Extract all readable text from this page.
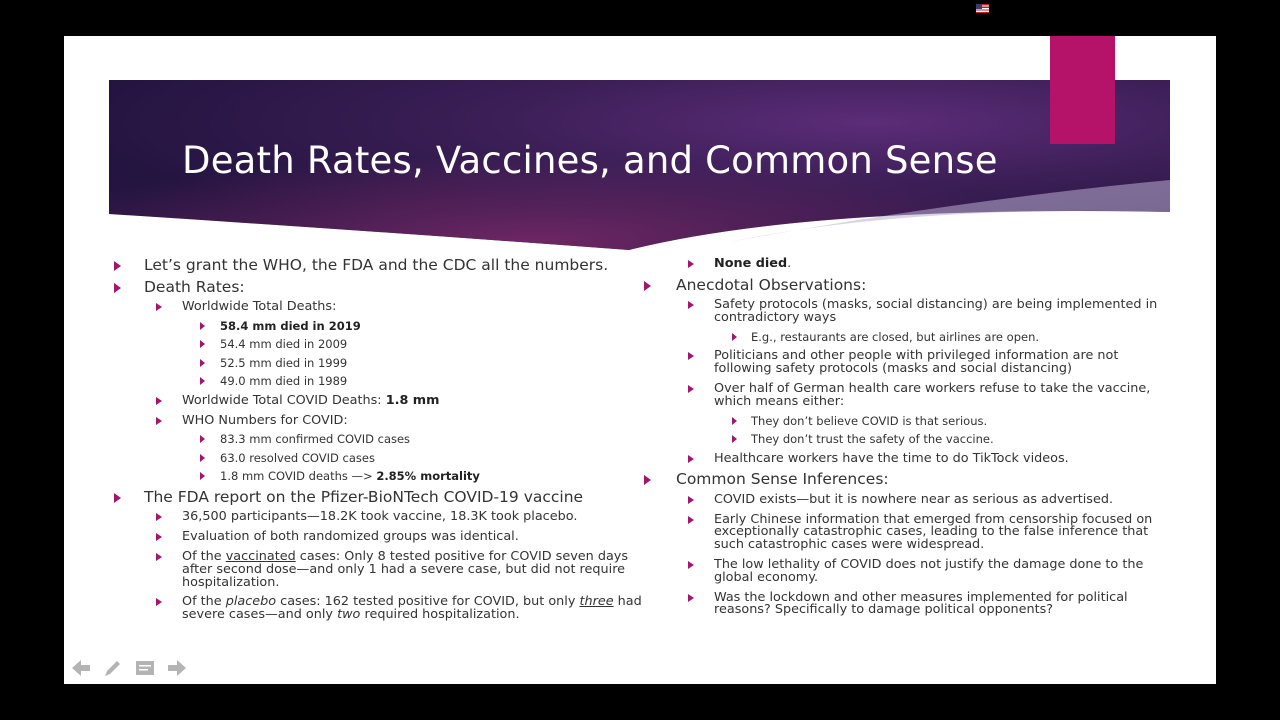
Death Rates, Vaccines, and Common Sense
Let’s grant the WHO, the FDA and the CDC all the numbers.
Death Rates:
Worldwide Total Deaths:
58.4 mm died in 2019
54.4 mm died in 2009
52.5 mm died in 1999
49.0 mm died in 1989
Worldwide Total COVID Deaths: 1.8 mm
WHO Numbers for COVID:
83.3 mm confirmed COVID cases
63.0 resolved COVID cases
1.8 mm COVID deaths —> 2.85% mortality
The FDA report on the Pfizer-BioNTech COVID-19 vaccine
36,500 participants—18.2K took vaccine, 18.3K took placebo.
Evaluation of both randomized groups was identical.
Of the vaccinated cases: Only 8 tested positive for COVID seven days after second dose—and only 1 had a severe case, but did not require hospitalization.
Of the placebo cases: 162 tested positive for COVID, but only three had severe cases—and only two required hospitalization.
None died.
Anecdotal Observations:
Safety protocols (masks, social distancing) are being implemented in contradictory ways
E.g., restaurants are closed, but airlines are open.
Politicians and other people with privileged information are not following safety protocols (masks and social distancing)
Over half of German health care workers refuse to take the vaccine, which means either:
They don’t believe COVID is that serious.
They don’t trust the safety of the vaccine.
Healthcare workers have the time to do TikTock videos.
Common Sense Inferences:
COVID exists—but it is nowhere near as serious as advertised.
Early Chinese information that emerged from censorship focused on exceptionally catastrophic cases, leading to the false inference that such catastrophic cases were widespread.
The low lethality of COVID does not justify the damage done to the global economy.
Was the lockdown and other measures implemented for political reasons? Specifically to damage political opponents?
